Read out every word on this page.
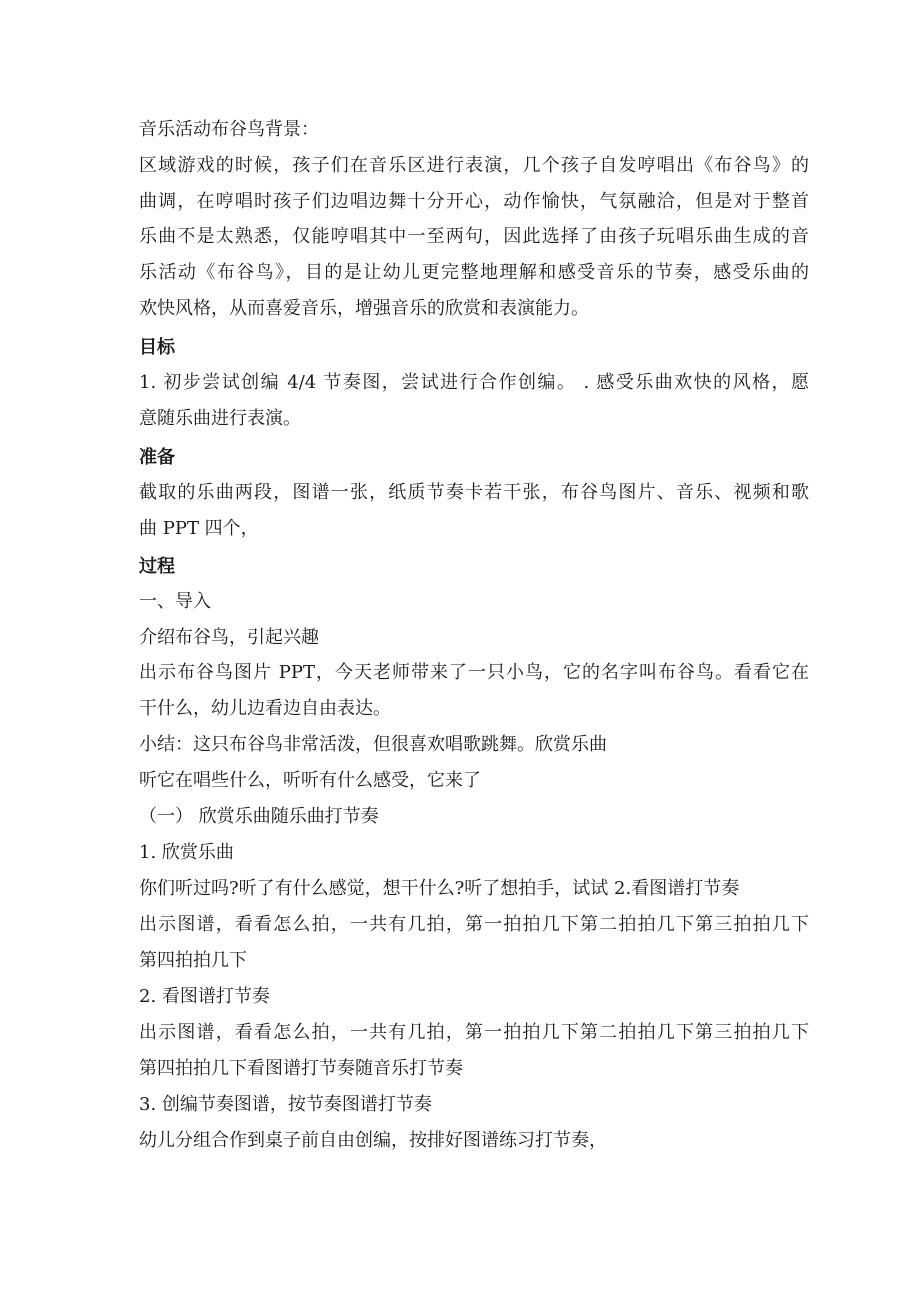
音乐活动布谷鸟背景：
区域游戏的时候，孩子们在音乐区进行表演，几个孩子自发哼唱出《布谷鸟》的
曲调，在哼唱时孩子们边唱边舞十分开心，动作愉快，气氛融洽，但是对于整首
乐曲不是太熟悉，仅能哼唱其中一至两句，因此选择了由孩子玩唱乐曲生成的音
乐活动《布谷鸟》，目的是让幼儿更完整地理解和感受音乐的节奏，感受乐曲的
欢快风格，从而喜爱音乐，增强音乐的欣赏和表演能力。
目标
1. 初步尝试创编 4/4 节奏图，尝试进行合作创编。 . 感受乐曲欢快的风格，愿
意随乐曲进行表演。
准备
截取的乐曲两段，图谱一张，纸质节奏卡若干张，布谷鸟图片、音乐、视频和歌
曲 PPT 四个，
过程
一、导入
介绍布谷鸟，引起兴趣
出示布谷鸟图片 PPT，今天老师带来了一只小鸟，它的名字叫布谷鸟。看看它在
干什么，幼儿边看边自由表达。
小结：这只布谷鸟非常活泼，但很喜欢唱歌跳舞。欣赏乐曲
听它在唱些什么，听听有什么感受，它来了
（一） 欣赏乐曲随乐曲打节奏
1. 欣赏乐曲
你们听过吗?听了有什么感觉，想干什么?听了想拍手，试试 2.看图谱打节奏
出示图谱，看看怎么拍，一共有几拍，第一拍拍几下第二拍拍几下第三拍拍几下
第四拍拍几下
2. 看图谱打节奏
出示图谱，看看怎么拍，一共有几拍，第一拍拍几下第二拍拍几下第三拍拍几下
第四拍拍几下看图谱打节奏随音乐打节奏
3. 创编节奏图谱，按节奏图谱打节奏
幼儿分组合作到桌子前自由创编，按排好图谱练习打节奏，
